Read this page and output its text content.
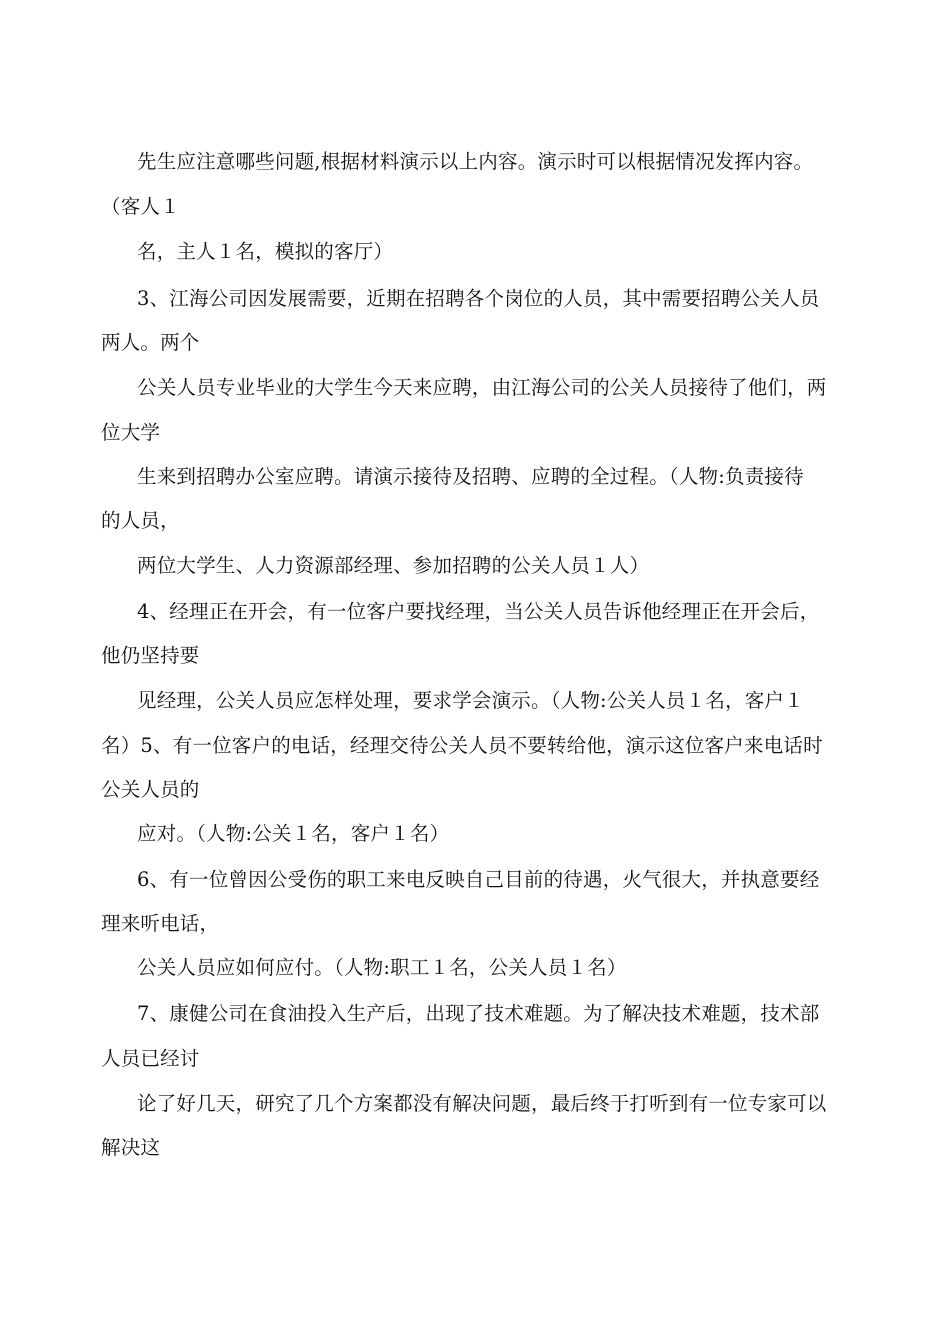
先生应注意哪些问题,根据材料演示以上内容。演示时可以根据情况发挥内容。
（客人１
名，主人１名，模拟的客厅）
3、江海公司因发展需要，近期在招聘各个岗位的人员，其中需要招聘公关人员
两人。两个
公关人员专业毕业的大学生今天来应聘，由江海公司的公关人员接待了他们，两
位大学
生来到招聘办公室应聘。请演示接待及招聘、应聘的全过程。（人物:负责接待
的人员，
两位大学生、人力资源部经理、参加招聘的公关人员１人）
4、经理正在开会，有一位客户要找经理，当公关人员告诉他经理正在开会后，
他仍坚持要
见经理，公关人员应怎样处理，要求学会演示。（人物:公关人员１名，客户１
名）5、有一位客户的电话，经理交待公关人员不要转给他，演示这位客户来电话时
公关人员的
应对。（人物:公关１名，客户１名）
6、有一位曾因公受伤的职工来电反映自己目前的待遇，火气很大，并执意要经
理来听电话，
公关人员应如何应付。（人物:职工１名，公关人员１名）
7、康健公司在食油投入生产后，出现了技术难题。为了解决技术难题，技术部
人员已经讨
论了好几天，研究了几个方案都没有解决问题，最后终于打听到有一位专家可以
解决这
